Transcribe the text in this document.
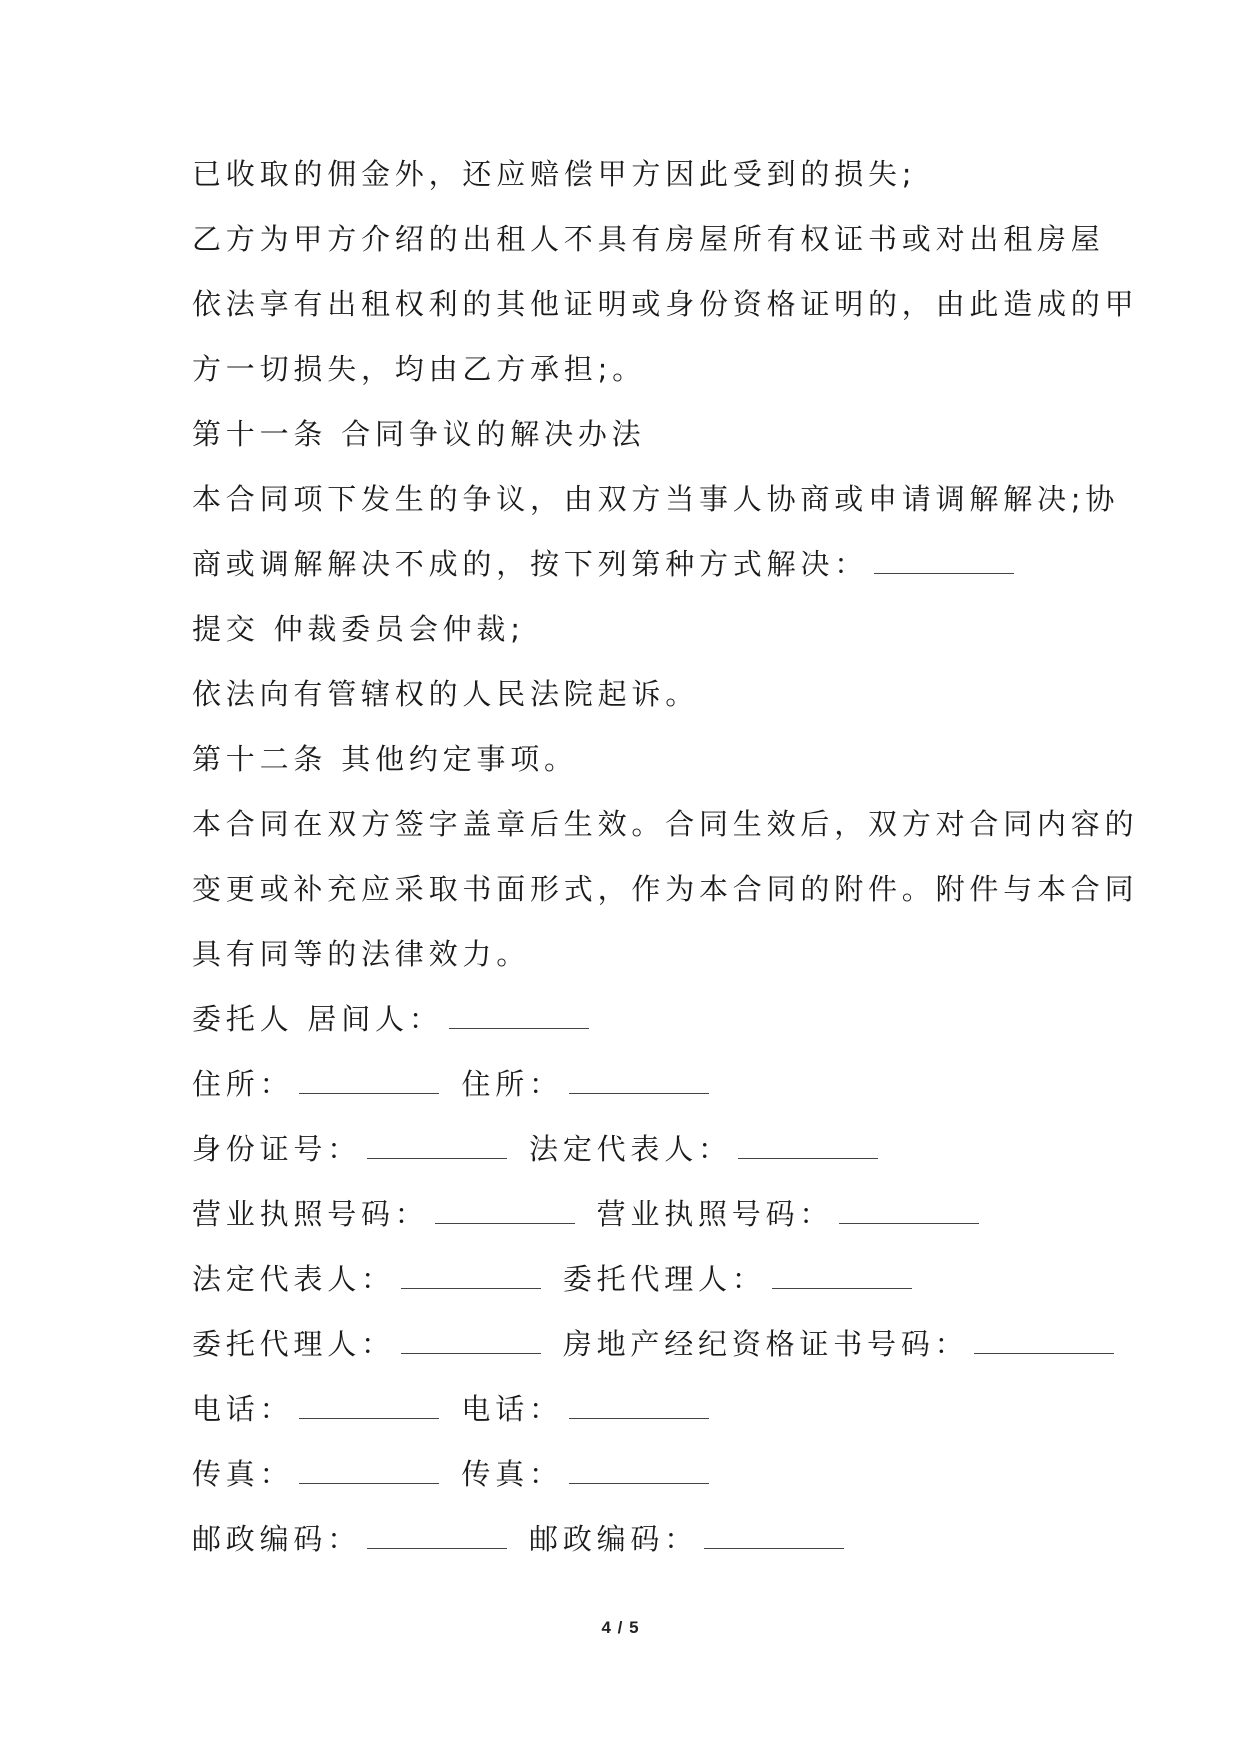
已收取的佣金外，还应赔偿甲方因此受到的损失;
乙方为甲方介绍的出租人不具有房屋所有权证书或对出租房屋
依法享有出租权利的其他证明或身份资格证明的，由此造成的甲
方一切损失，均由乙方承担;。
第十一条 合同争议的解决办法
本合同项下发生的争议，由双方当事人协商或申请调解解决;协
商或调解解决不成的，按下列第种方式解决：
提交 仲裁委员会仲裁;
依法向有管辖权的人民法院起诉。
第十二条 其他约定事项。
本合同在双方签字盖章后生效。合同生效后，双方对合同内容的
变更或补充应采取书面形式，作为本合同的附件。附件与本合同
具有同等的法律效力。
委托人 居间人：
住所：	住所：
身份证号：	法定代表人：
营业执照号码：	营业执照号码：
法定代表人：	委托代理人：
委托代理人：	房地产经纪资格证书号码：
电话：	电话：
传真：	传真：
邮政编码：	邮政编码：
4 / 5
